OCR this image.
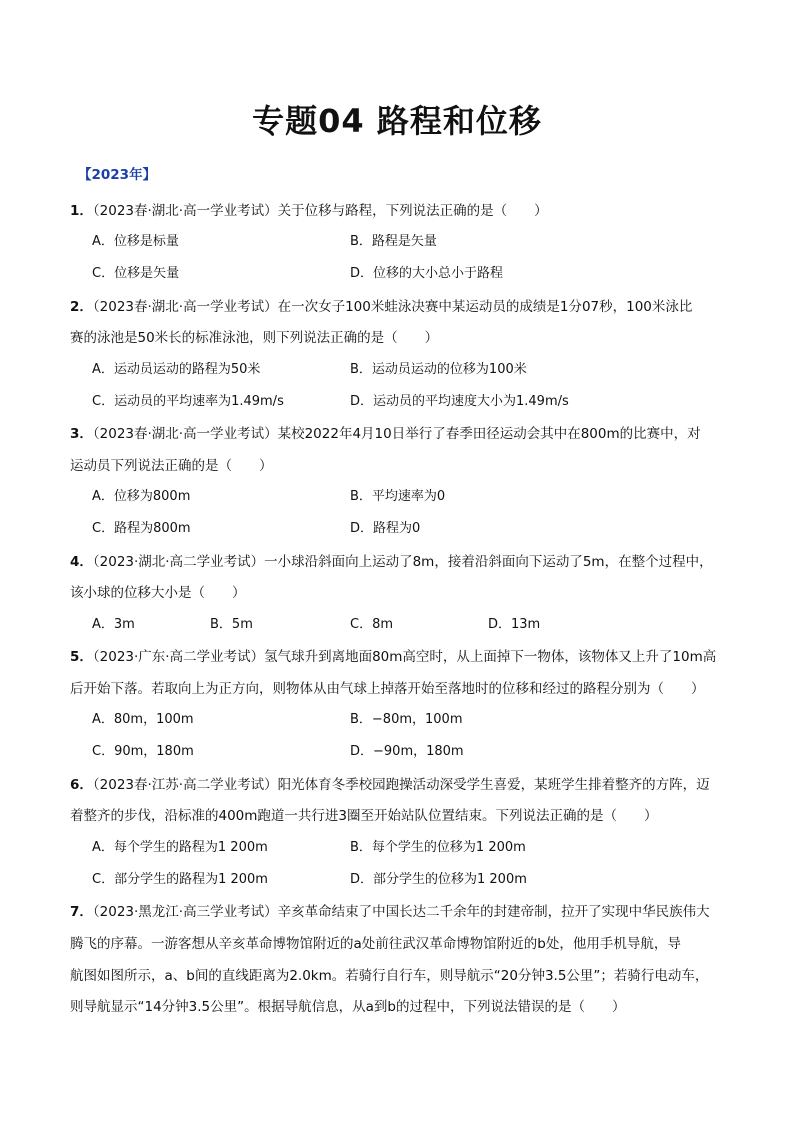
专题04 路程和位移
【2023年】
1．（2023春·湖北·高一学业考试）关于位移与路程，下列说法正确的是（　　）
A．位移是标量	B．路程是矢量
C．位移是矢量	D．位移的大小总小于路程
2．（2023春·湖北·高一学业考试）在一次女子100米蛙泳决赛中某运动员的成绩是1分07秒，100米泳比
赛的泳池是50米长的标准泳池，则下列说法正确的是（　　）
A．运动员运动的路程为50米	B．运动员运动的位移为100米
C．运动员的平均速率为1.49m/s	D．运动员的平均速度大小为1.49m/s
3．（2023春·湖北·高一学业考试）某校2022年4月10日举行了春季田径运动会其中在800m的比赛中，对
运动员下列说法正确的是（　　）
A．位移为800m	B．平均速率为0
C．路程为800m	D．路程为0
4．（2023·湖北·高二学业考试）一小球沿斜面向上运动了8m，接着沿斜面向下运动了5m，在整个过程中，
该小球的位移大小是（　　）
A．3m	B．5m	C．8m	D．13m
5．（2023·广东·高二学业考试）氢气球升到离地面80m高空时，从上面掉下一物体，该物体又上升了10m高
后开始下落。若取向上为正方向，则物体从由气球上掉落开始至落地时的位移和经过的路程分别为（　　）
A．80m，100m	B．−80m，100m
C．90m，180m	D．−90m，180m
6．（2023春·江苏·高二学业考试）阳光体育冬季校园跑操活动深受学生喜爱，某班学生排着整齐的方阵，迈
着整齐的步伐，沿标准的400m跑道一共行进3圈至开始站队位置结束。下列说法正确的是（　　）
A．每个学生的路程为1 200m	B．每个学生的位移为1 200m
C．部分学生的路程为1 200m	D．部分学生的位移为1 200m
7．（2023·黑龙江·高三学业考试）辛亥革命结束了中国长达二千余年的封建帝制，拉开了实现中华民族伟大
腾飞的序幕。一游客想从辛亥革命博物馆附近的a处前往武汉革命博物馆附近的b处，他用手机导航，导
航图如图所示，a、b间的直线距离为2.0km。若骑行自行车，则导航示“20分钟3.5公里”；若骑行电动车，
则导航显示“14分钟3.5公里”。根据导航信息，从a到b的过程中，下列说法错误的是（　　）
